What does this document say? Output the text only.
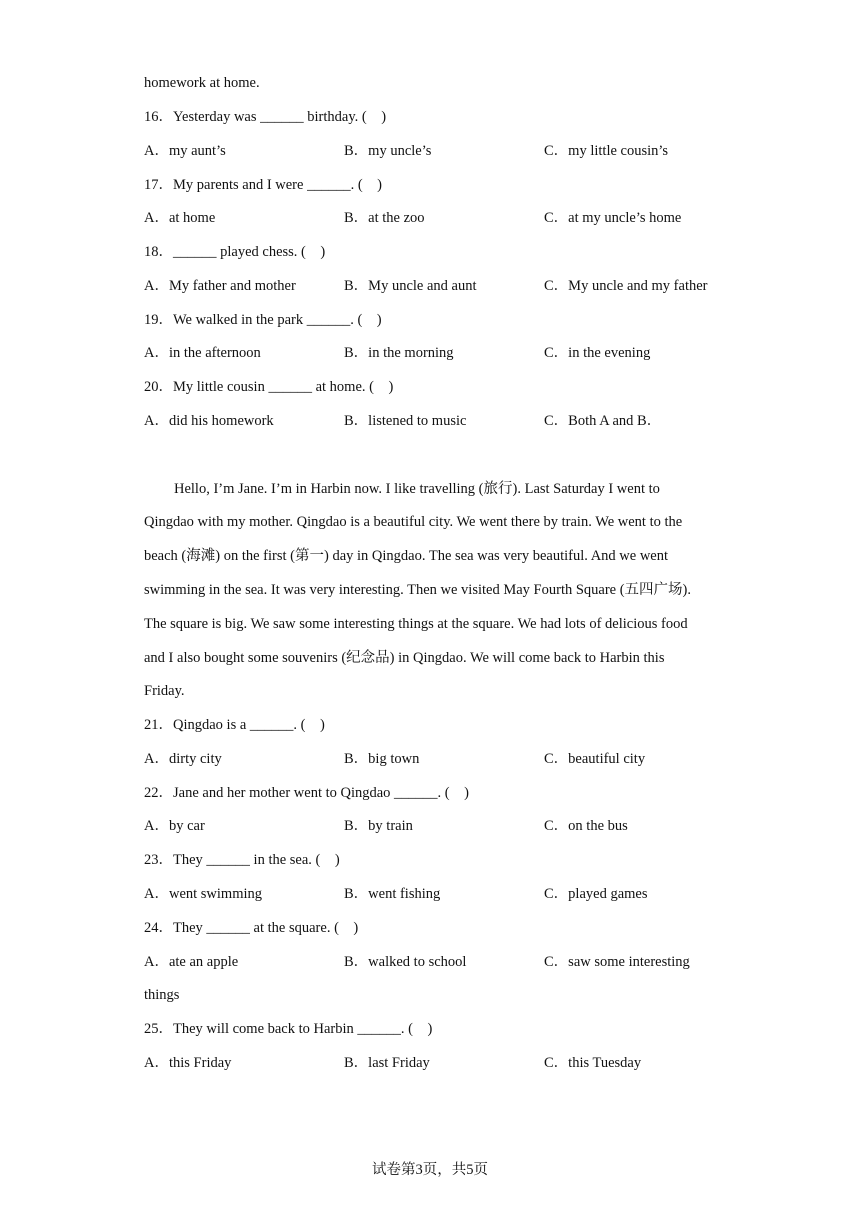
homework at home.
16．Yesterday was ______ birthday. (　)
A．my aunt’s	B．my uncle’s	C．my little cousin’s
17．My parents and I were ______. (　)
A．at home	B．at the zoo	C．at my uncle’s home
18．______ played chess. (　)
A．My father and mother	B．My uncle and aunt	C．My uncle and my father
19．We walked in the park ______. (　)
A．in the afternoon	B．in the morning	C．in the evening
20．My little cousin ______ at home. (　)
A．did his homework	B．listened to music	C．Both A and B．
Hello, I’m Jane. I’m in Harbin now. I like travelling (旅行). Last Saturday I went to
Qingdao with my mother. Qingdao is a beautiful city. We went there by train. We went to the
beach (海滩) on the first (第一) day in Qingdao. The sea was very beautiful. And we went
swimming in the sea. It was very interesting. Then we visited May Fourth Square (五四广场).
The square is big. We saw some interesting things at the square. We had lots of delicious food
and I also bought some souvenirs (纪念品) in Qingdao. We will come back to Harbin this
Friday.
21．Qingdao is a ______. (　)
A．dirty city	B．big town	C．beautiful city
22．Jane and her mother went to Qingdao ______. (　)
A．by car	B．by train	C．on the bus
23．They ______ in the sea. (　)
A．went swimming	B．went fishing	C．played games
24．They ______ at the square. (　)
A．ate an apple	B．walked to school	C．saw some interesting
things
25．They will come back to Harbin ______. (　)
A．this Friday	B．last Friday	C．this Tuesday
试卷第3页，共5页
